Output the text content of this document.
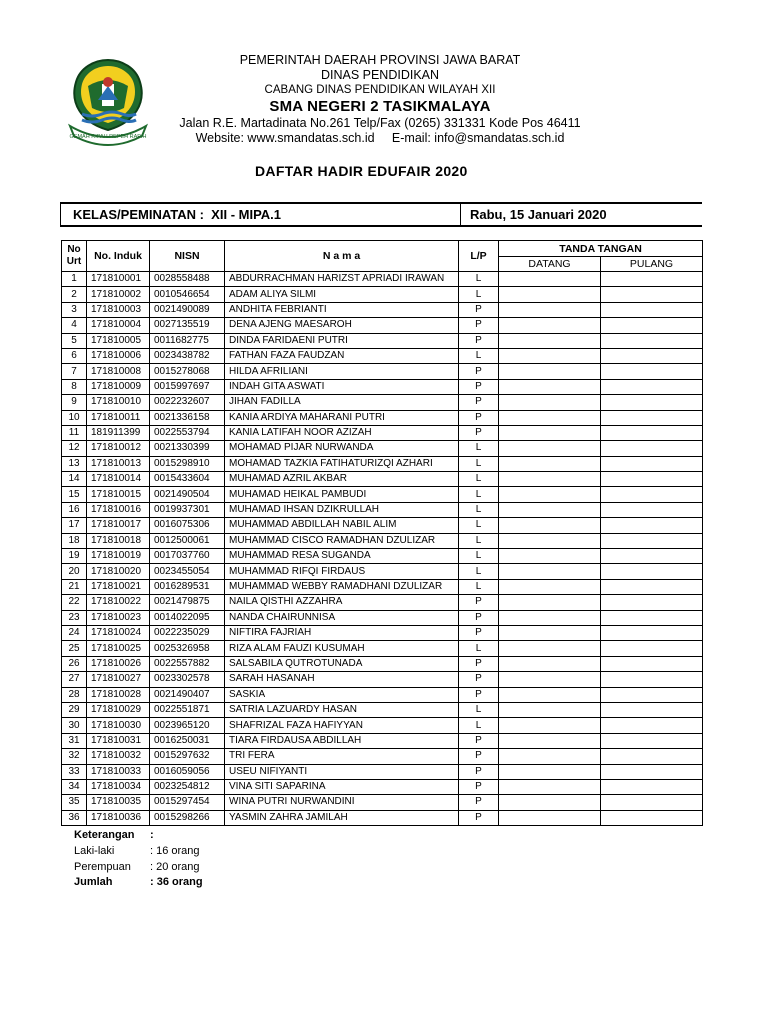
GEMAH RIPAH REPEH RAPIH
PEMERINTAH DAERAH PROVINSI JAWA BARAT
DINAS PENDIDIKAN
CABANG DINAS PENDIDIKAN WILAYAH XII
SMA NEGERI 2 TASIKMALAYA
Jalan R.E. Martadinata No.261 Telp/Fax (0265) 331331 Kode Pos 46411
Website: www.smandatas.sch.id     E-mail: info@smandatas.sch.id
DAFTAR HADIR EDUFAIR 2020
KELAS/PEMINATAN :  XII - MIPA.1	Rabu, 15 Januari 2020
No Urt	No. Induk	NISN	N a m a	L/P	TANDA TANGAN	
					DATANG	PULANG
1	171810001	0028558488	ABDURRACHMAN HARIZST APRIADI IRAWAN	L		
2	171810002	0010546654	ADAM ALIYA SILMI	L		
3	171810003	0021490089	ANDHITA FEBRIANTI	P		
4	171810004	0027135519	DENA AJENG MAESAROH	P		
5	171810005	0011682775	DINDA FARIDAENI PUTRI	P		
6	171810006	0023438782	FATHAN FAZA FAUDZAN	L		
7	171810008	0015278068	HILDA AFRILIANI	P		
8	171810009	0015997697	INDAH GITA ASWATI	P		
9	171810010	0022232607	JIHAN FADILLA	P		
10	171810011	0021336158	KANIA ARDIYA MAHARANI PUTRI	P		
11	181911399	0022553794	KANIA LATIFAH NOOR AZIZAH	P		
12	171810012	0021330399	MOHAMAD PIJAR NURWANDA	L		
13	171810013	0015298910	MOHAMAD TAZKIA FATIHATURIZQI AZHARI	L		
14	171810014	0015433604	MUHAMAD AZRIL AKBAR	L		
15	171810015	0021490504	MUHAMAD HEIKAL PAMBUDI	L		
16	171810016	0019937301	MUHAMAD IHSAN DZIKRULLAH	L		
17	171810017	0016075306	MUHAMMAD ABDILLAH NABIL ALIM	L		
18	171810018	0012500061	MUHAMMAD CISCO RAMADHAN DZULIZAR	L		
19	171810019	0017037760	MUHAMMAD RESA SUGANDA	L		
20	171810020	0023455054	MUHAMMAD RIFQI FIRDAUS	L		
21	171810021	0016289531	MUHAMMAD WEBBY RAMADHANI DZULIZAR	L		
22	171810022	0021479875	NAILA QISTHI AZZAHRA	P		
23	171810023	0014022095	NANDA CHAIRUNNISA	P		
24	171810024	0022235029	NIFTIRA FAJRIAH	P		
25	171810025	0025326958	RIZA ALAM FAUZI KUSUMAH	L		
26	171810026	0022557882	SALSABILA QUTROTUNADA	P		
27	171810027	0023302578	SARAH HASANAH	P		
28	171810028	0021490407	SASKIA	P		
29	171810029	0022551871	SATRIA LAZUARDY HASAN	L		
30	171810030	0023965120	SHAFRIZAL FAZA HAFIYYAN	L		
31	171810031	0016250031	TIARA FIRDAUSA ABDILLAH	P		
32	171810032	0015297632	TRI FERA	P		
33	171810033	0016059056	USEU NIFIYANTI	P		
34	171810034	0023254812	VINA SITI SAPARINA	P		
35	171810035	0015297454	WINA PUTRI NURWANDINI	P		
36	171810036	0015298266	YASMIN ZAHRA JAMILAH	P		
Keterangan :
Laki-laki	: 16 orang
Perempuan : 20 orang
Jumlah	: 36 orang
